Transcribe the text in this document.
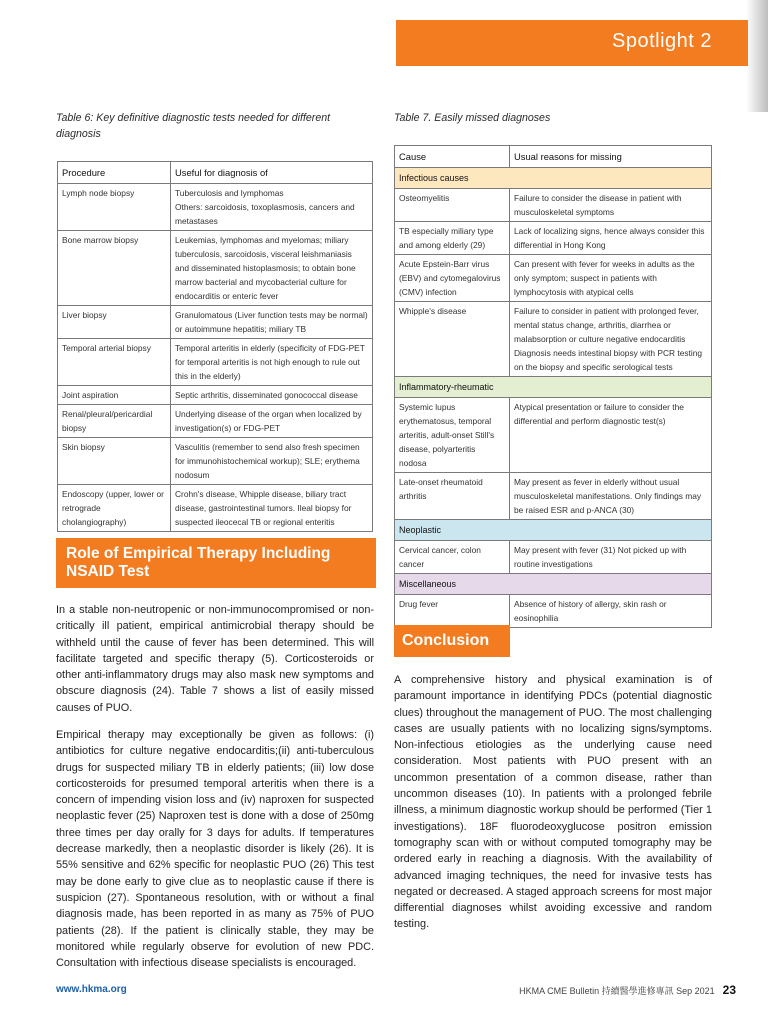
Spotlight 2
Table 6: Key definitive diagnostic tests needed for different diagnosis
Procedure	Useful for diagnosis of
Lymph node biopsy	Tuberculosis and lymphomas
Others: sarcoidosis, toxoplasmosis, cancers and metastases

Bone marrow biopsy	Leukemias, lymphomas and myelomas; miliary tuberculosis, sarcoidosis, visceral leishmaniasis and disseminated histoplasmosis; to obtain bone marrow bacterial and mycobacterial culture for endocarditis or enteric fever
Liver biopsy	Granulomatous (Liver function tests may be normal) or autoimmune hepatitis; miliary TB
Temporal arterial biopsy	Temporal arteritis in elderly (specificity of FDG-PET for temporal arteritis is not high enough to rule out this in the elderly)
Joint aspiration	Septic arthritis, disseminated gonococcal disease
Renal/pleural/pericardial biopsy	Underlying disease of the organ when localized by investigation(s) or FDG-PET
Skin biopsy	Vasculitis (remember to send also fresh specimen for immunohistochemical workup); SLE; erythema nodosum
Endoscopy (upper, lower or retrograde cholangiography)	Crohn's disease, Whipple disease, biliary tract disease, gastrointestinal tumors. Ileal biopsy for suspected ileocecal TB or regional enteritis
Table 7. Easily missed diagnoses
Cause	Usual reasons for missing
Infectious causes	
Osteomyelitis	Failure to consider the disease in patient with musculoskeletal symptoms
TB especially miliary type and among elderly (29)	Lack of localizing signs, hence always consider this differential in Hong Kong
Acute Epstein-Barr virus (EBV) and cytomegalovirus (CMV) infection	Can present with fever for weeks in adults as the only symptom; suspect in patients with lymphocytosis with atypical cells
Whipple's disease	Failure to consider in patient with prolonged fever, mental status change, arthritis, diarrhea or malabsorption or culture negative endocarditis Diagnosis needs intestinal biopsy with PCR testing on the biopsy and specific serological tests
Inflammatory-rheumatic	
Systemic lupus erythematosus, temporal arteritis, adult-onset Still's disease, polyarteritis nodosa	Atypical presentation or failure to consider the differential and perform diagnostic test(s)
Late-onset rheumatoid arthritis	May present as fever in elderly without usual musculoskeletal manifestations. Only findings may be raised ESR and p-ANCA (30)
Neoplastic	
Cervical cancer, colon cancer	May present with fever (31) Not picked up with routine investigations
Miscellaneous	
Drug fever	Absence of history of allergy, skin rash or eosinophilia
Role of Empirical Therapy Including NSAID Test

In a stable non-neutropenic or non-immunocompromised or non-critically ill patient, empirical antimicrobial therapy should be withheld until the cause of fever has been determined. This will facilitate targeted and specific therapy (5). Corticosteroids or other anti-inflammatory drugs may also mask new symptoms and obscure diagnosis (24). Table 7 shows a list of easily missed causes of PUO.

Empirical therapy may exceptionally be given as follows: (i) antibiotics for culture negative endocarditis;(ii) anti-tuberculous drugs for suspected miliary TB in elderly patients; (iii) low dose corticosteroids for presumed temporal arteritis when there is a concern of impending vision loss and (iv) naproxen for suspected neoplastic fever (25) Naproxen test is done with a dose of 250mg three times per day orally for 3 days for adults. If temperatures decrease markedly, then a neoplastic disorder is likely (26). It is 55% sensitive and 62% specific for neoplastic PUO (26) This test may be done early to give clue as to neoplastic cause if there is suspicion (27). Spontaneous resolution, with or without a final diagnosis made, has been reported in as many as 75% of PUO patients (28). If the patient is clinically stable, they may be monitored while regularly observe for evolution of new PDC. Consultation with infectious disease specialists is encouraged.

Conclusion

A comprehensive history and physical examination is of paramount importance in identifying PDCs (potential diagnostic clues) throughout the management of PUO. The most challenging cases are usually patients with no localizing signs/symptoms. Non-infectious etiologies as the underlying cause need consideration. Most patients with PUO present with an uncommon presentation of a common disease, rather than uncommon diseases (10). In patients with a prolonged febrile illness, a minimum diagnostic workup should be performed (Tier 1 investigations). 18F fluorodeoxyglucose positron emission tomography scan with or without computed tomography may be ordered early in reaching a diagnosis. With the availability of advanced imaging techniques, the need for invasive tests has negated or decreased. A staged approach screens for most major differential diagnoses whilst avoiding excessive and random testing.

www.hkma.org	HKMA CME Bulletin 持續醫學進修專訊 Sep 2021 23
